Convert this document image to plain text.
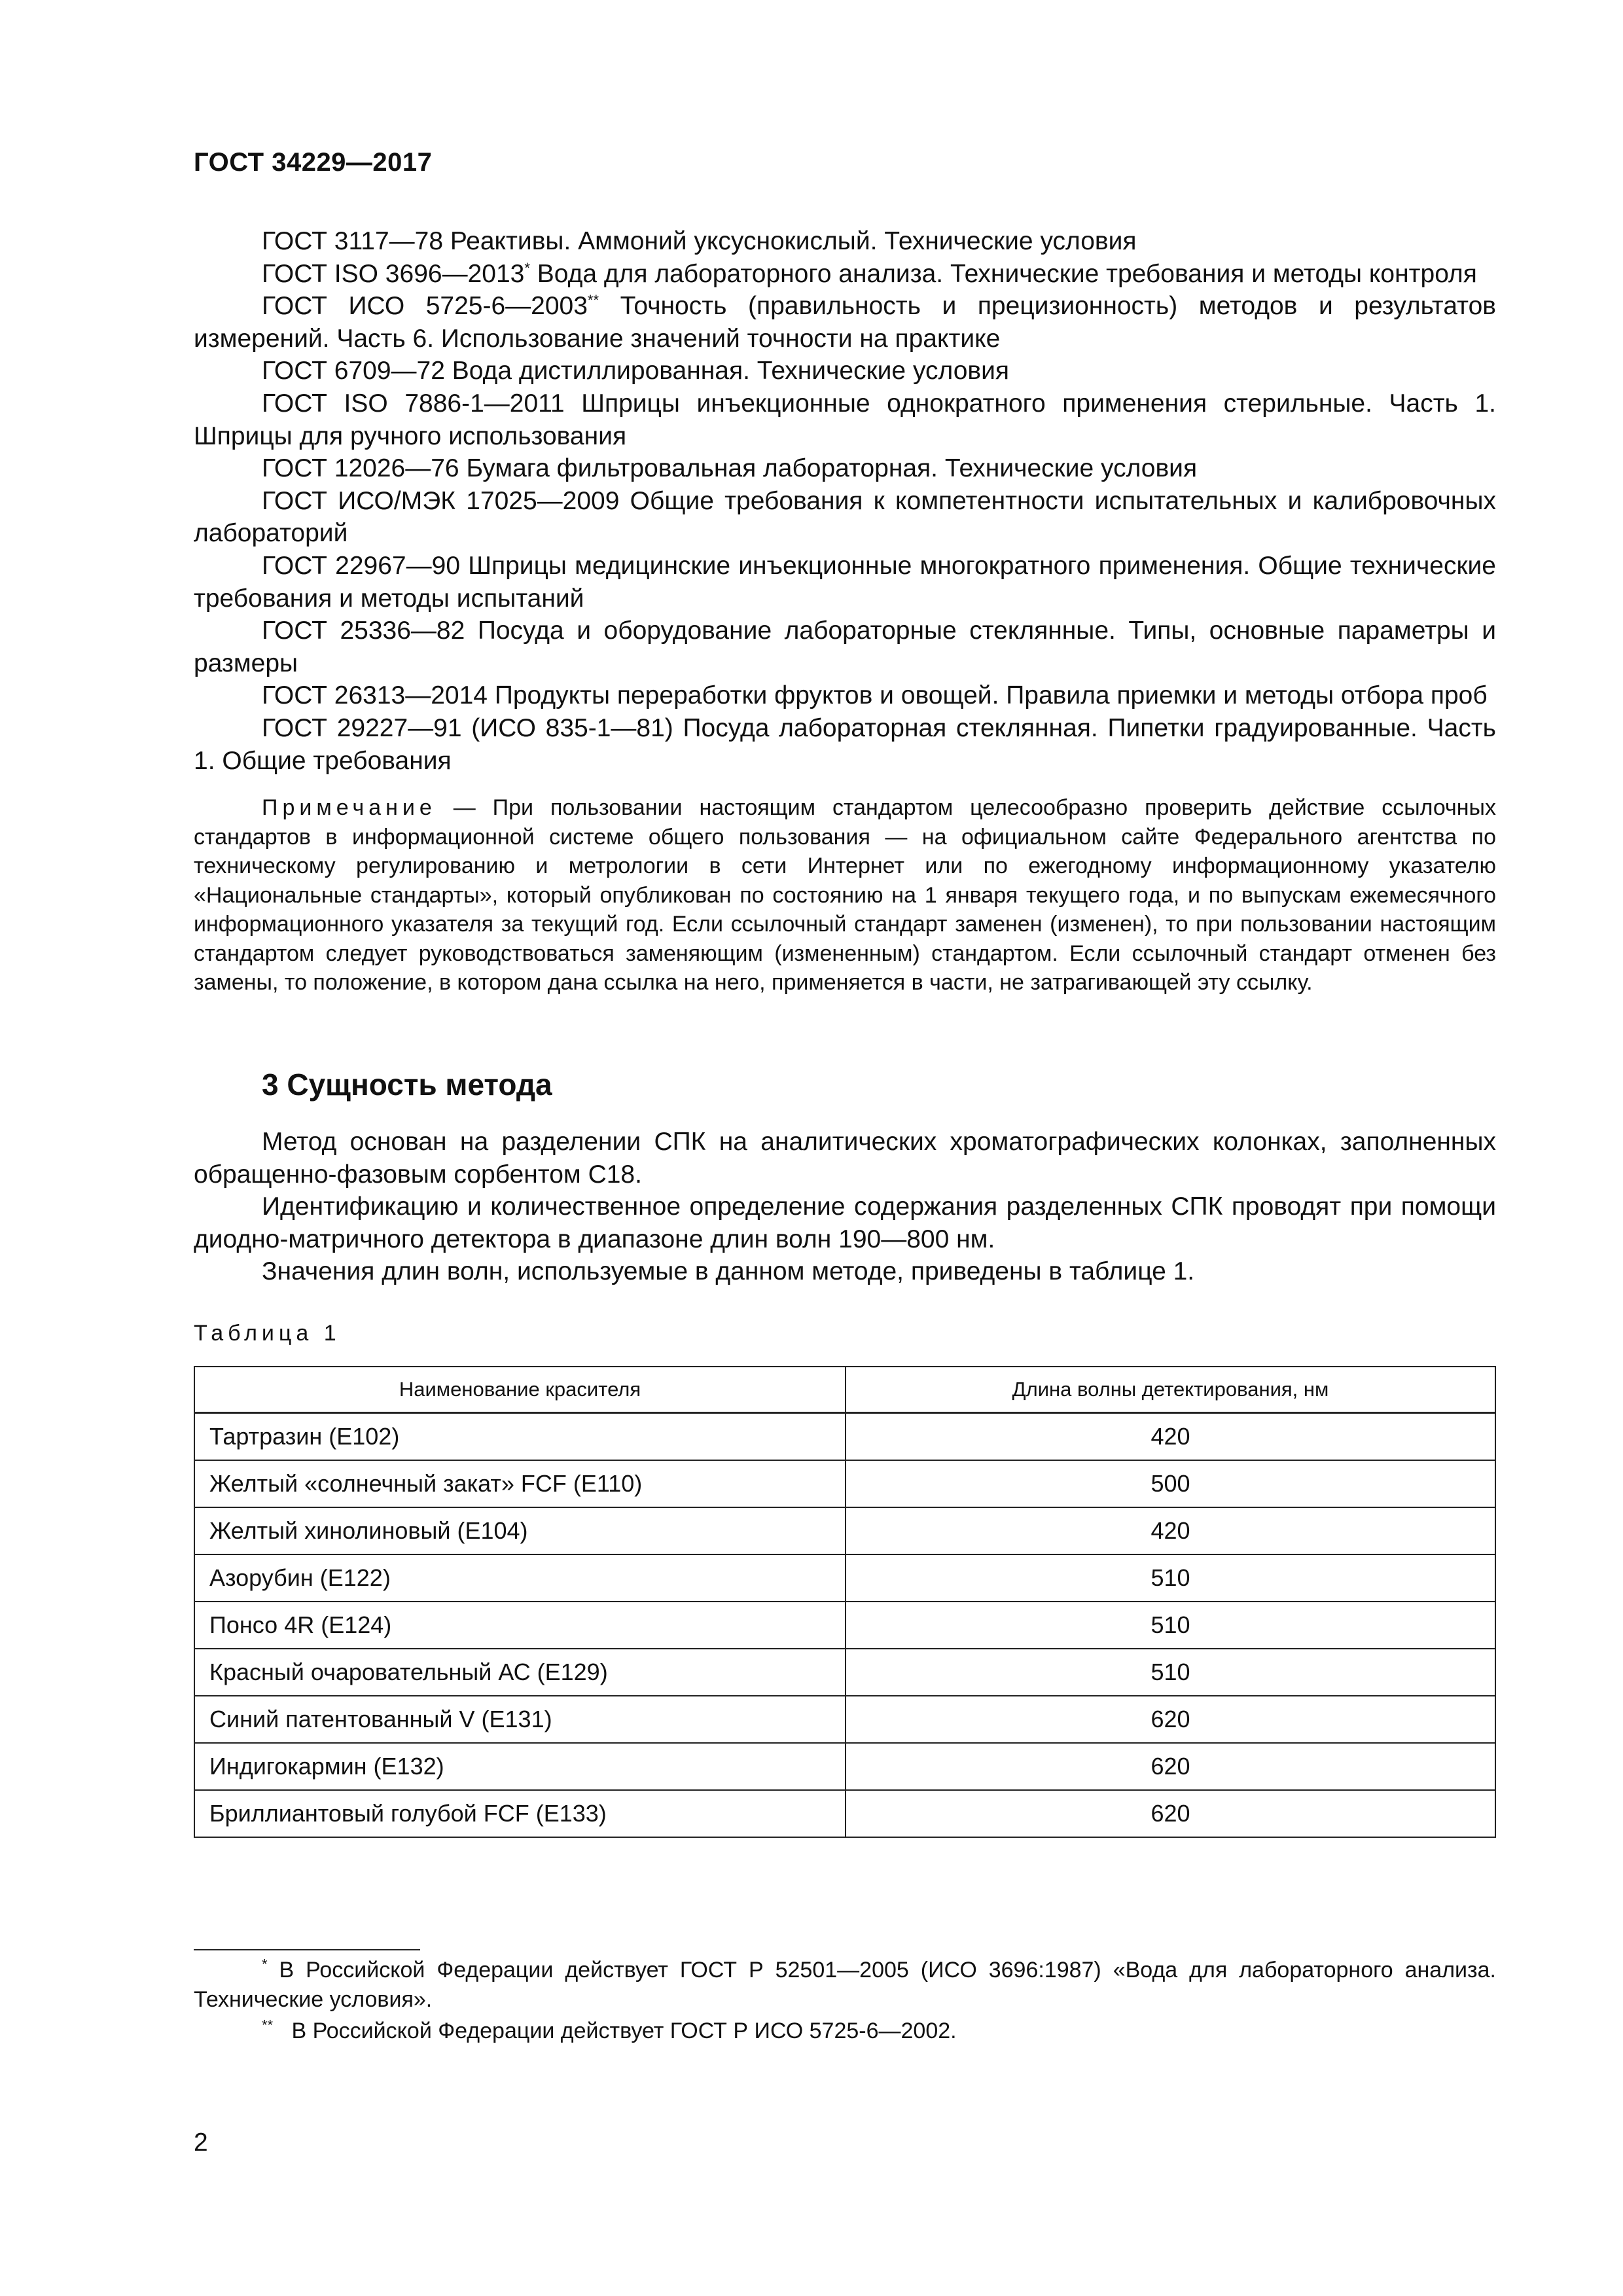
ГОСТ 34229—2017

ГОСТ 3117—78 Реактивы. Аммоний уксуснокислый. Технические условия

ГОСТ ISO 3696—2013* Вода для лабораторного анализа. Технические требования и методы контроля

ГОСТ ИСО 5725-6—2003** Точность (правильность и прецизионность) методов и результатов измерений. Часть 6. Использование значений точности на практике

ГОСТ 6709—72 Вода дистиллированная. Технические условия

ГОСТ ISO 7886-1—2011 Шприцы инъекционные однократного применения стерильные. Часть 1. Шприцы для ручного использования

ГОСТ 12026—76 Бумага фильтровальная лабораторная. Технические условия

ГОСТ ИСО/МЭК 17025—2009 Общие требования к компетентности испытательных и калибровочных лабораторий

ГОСТ 22967—90 Шприцы медицинские инъекционные многократного применения. Общие технические требования и методы испытаний

ГОСТ 25336—82 Посуда и оборудование лабораторные стеклянные. Типы, основные параметры и размеры

ГОСТ 26313—2014 Продукты переработки фруктов и овощей. Правила приемки и методы отбора проб

ГОСТ 29227—91 (ИСО 835-1—81) Посуда лабораторная стеклянная. Пипетки градуированные. Часть 1. Общие требования

Примечание — При пользовании настоящим стандартом целесообразно проверить действие ссылочных стандартов в информационной системе общего пользования — на официальном сайте Федерального агентства по техническому регулированию и метрологии в сети Интернет или по ежегодному информационному указателю «Национальные стандарты», который опубликован по состоянию на 1 января текущего года, и по выпускам ежемесячного информационного указателя за текущий год. Если ссылочный стандарт заменен (изменен), то при пользовании настоящим стандартом следует руководствоваться заменяющим (измененным) стандартом. Если ссылочный стандарт отменен без замены, то положение, в котором дана ссылка на него, применяется в части, не затрагивающей эту ссылку.

3 Сущность метода

Метод основан на разделении СПК на аналитических хроматографических колонках, заполненных обращенно-фазовым сорбентом С18.

Идентификацию и количественное определение содержания разделенных СПК проводят при помощи диодно-матричного детектора в диапазоне длин волн 190—800 нм.

Значения длин волн, используемые в данном методе, приведены в таблице 1.

Таблица 1

Наименование красителя	Длина волны детектирования, нм
Тартразин (Е102)	420
Желтый «солнечный закат» FCF (Е110)	500
Желтый хинолиновый (Е104)	420
Азорубин (Е122)	510
Понсо 4R (Е124)	510
Красный очаровательный АС (Е129)	510
Синий патентованный V (Е131)	620
Индигокармин (Е132)	620
Бриллиантовый голубой FCF (Е133)	620

* В Российской Федерации действует ГОСТ Р 52501—2005 (ИСО 3696:1987) «Вода для лабораторного анализа. Технические условия».

**   В Российской Федерации действует ГОСТ Р ИСО 5725-6—2002.

2
